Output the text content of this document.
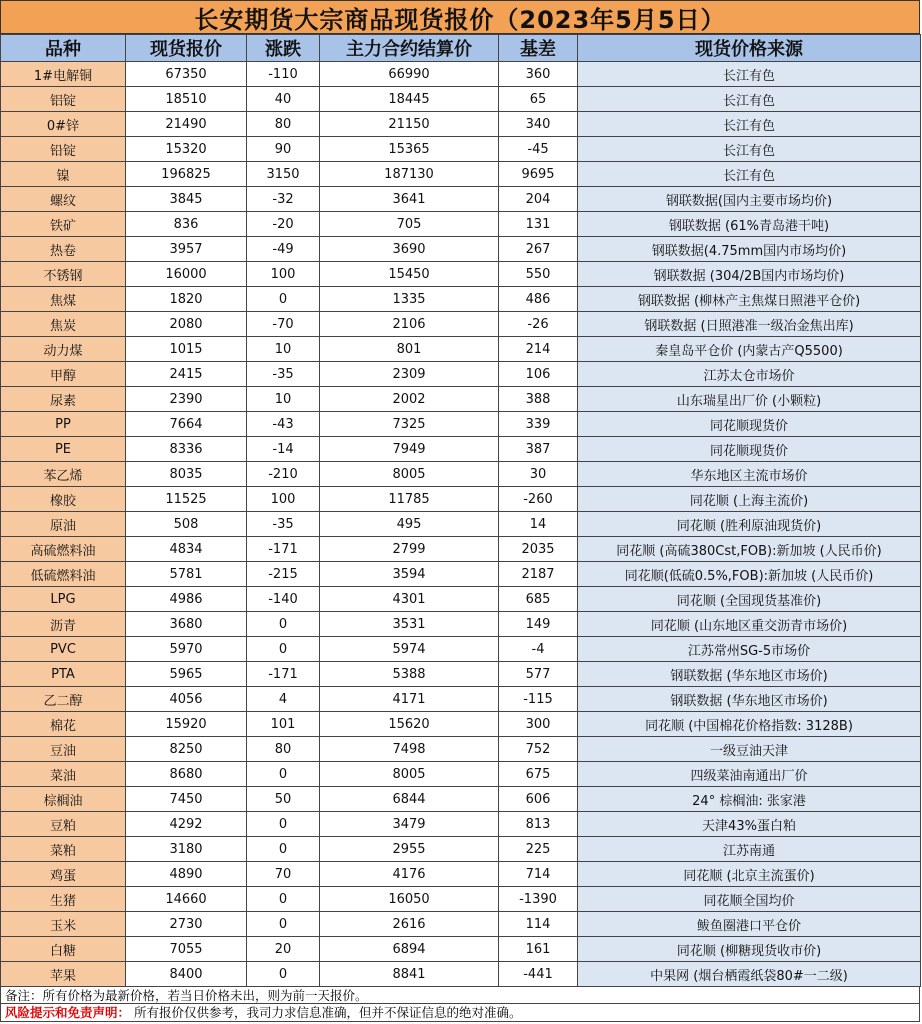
长安期货大宗商品现货报价（2023年5月5日）
品种	现货报价	涨跌	主力合约结算价	基差	现货价格来源
1#电解铜	67350	-110	66990	360	长江有色
铝锭	18510	40	18445	65	长江有色
0#锌	21490	80	21150	340	长江有色
铅锭	15320	90	15365	-45	长江有色
镍	196825	3150	187130	9695	长江有色
螺纹	3845	-32	3641	204	钢联数据(国内主要市场均价)
铁矿	836	-20	705	131	钢联数据 (61%青岛港干吨)
热卷	3957	-49	3690	267	钢联数据(4.75mm国内市场均价)
不锈钢	16000	100	15450	550	钢联数据 (304/2B国内市场均价)
焦煤	1820	0	1335	486	钢联数据 (柳林产主焦煤日照港平仓价)
焦炭	2080	-70	2106	-26	钢联数据 (日照港准一级冶金焦出库)
动力煤	1015	10	801	214	秦皇岛平仓价 (内蒙古产Q5500)
甲醇	2415	-35	2309	106	江苏太仓市场价
尿素	2390	10	2002	388	山东瑞星出厂价 (小颗粒)
PP	7664	-43	7325	339	同花顺现货价
PE	8336	-14	7949	387	同花顺现货价
苯乙烯	8035	-210	8005	30	华东地区主流市场价
橡胶	11525	100	11785	-260	同花顺 (上海主流价)
原油	508	-35	495	14	同花顺 (胜利原油现货价)
高硫燃料油	4834	-171	2799	2035	同花顺 (高硫380Cst,FOB):新加坡 (人民币价)
低硫燃料油	5781	-215	3594	2187	同花顺(低硫0.5%,FOB):新加坡 (人民币价)
LPG	4986	-140	4301	685	同花顺 (全国现货基准价)
沥青	3680	0	3531	149	同花顺 (山东地区重交沥青市场价)
PVC	5970	0	5974	-4	江苏常州SG-5市场价
PTA	5965	-171	5388	577	钢联数据 (华东地区市场价)
乙二醇	4056	4	4171	-115	钢联数据 (华东地区市场价)
棉花	15920	101	15620	300	同花顺 (中国棉花价格指数: 3128B)
豆油	8250	80	7498	752	一级豆油天津
菜油	8680	0	8005	675	四级菜油南通出厂价
棕榈油	7450	50	6844	606	24° 棕榈油: 张家港
豆粕	4292	0	3479	813	天津43%蛋白粕
菜粕	3180	0	2955	225	江苏南通
鸡蛋	4890	70	4176	714	同花顺 (北京主流蛋价)
生猪	14660	0	16050	-1390	同花顺全国均价
玉米	2730	0	2616	114	鲅鱼圈港口平仓价
白糖	7055	20	6894	161	同花顺 (柳糖现货收市价)
苹果	8400	0	8841	-441	中果网 (烟台栖霞纸袋80#一二级)
备注：所有价格为最新价格，若当日价格未出，则为前一天报价。
风险提示和免责声明： 所有报价仅供参考，我司力求信息准确，但并不保证信息的绝对准确。
